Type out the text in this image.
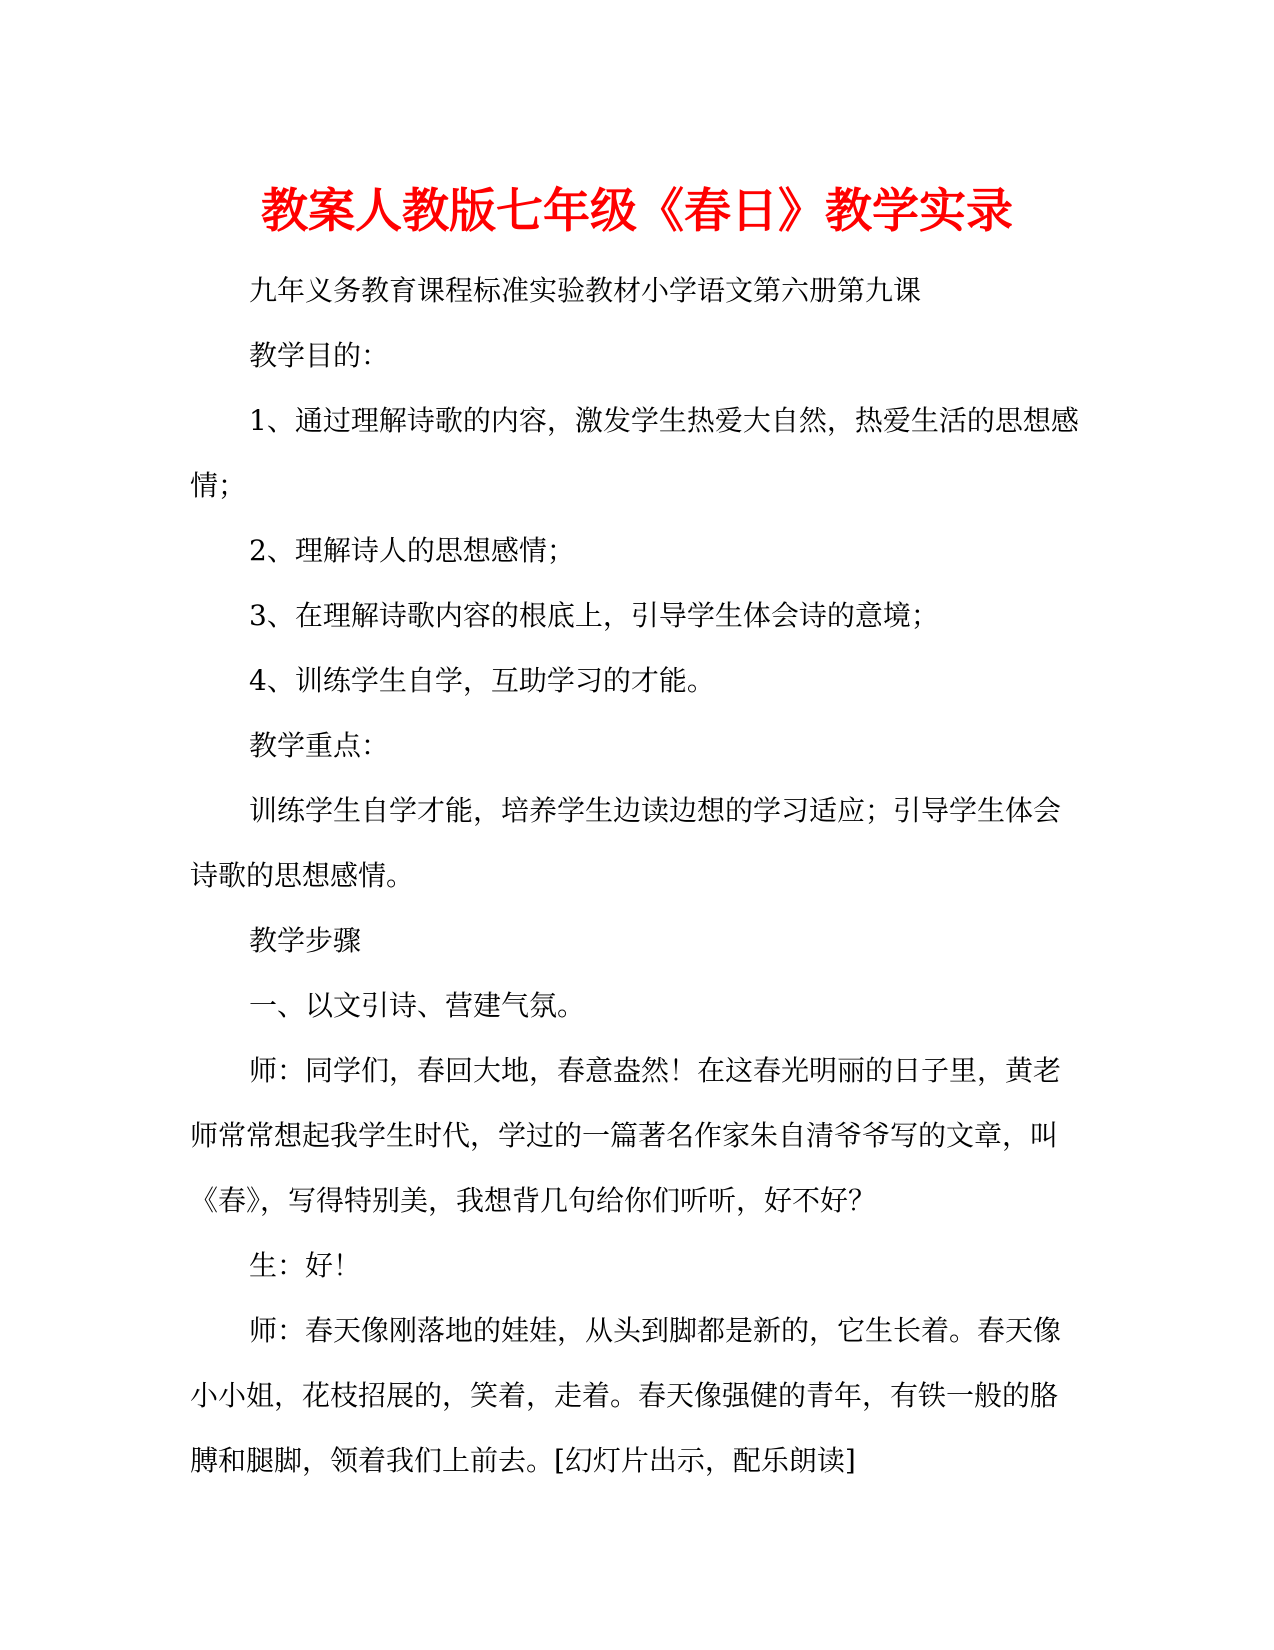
教案人教版七年级《春日》教学实录

九年义务教育课程标准实验教材小学语文第六册第九课

教学目的：

1、通过理解诗歌的内容，激发学生热爱大自然，热爱生活的思想感情；

2、理解诗人的思想感情；

3、在理解诗歌内容的根底上，引导学生体会诗的意境；

4、训练学生自学，互助学习的才能。

教学重点：

训练学生自学才能，培养学生边读边想的学习适应；引导学生体会诗歌的思想感情。

教学步骤

一、以文引诗、营建气氛。

师：同学们，春回大地，春意盎然！在这春光明丽的日子里，黄老师常常想起我学生时代，学过的一篇著名作家朱自清爷爷写的文章，叫《春》，写得特别美，我想背几句给你们听听，好不好？

生：好！

师：春天像刚落地的娃娃，从头到脚都是新的，它生长着。春天像小小姐，花枝招展的，笑着，走着。春天像强健的青年，有铁一般的胳膊和腿脚，领着我们上前去。[幻灯片出示，配乐朗读]
